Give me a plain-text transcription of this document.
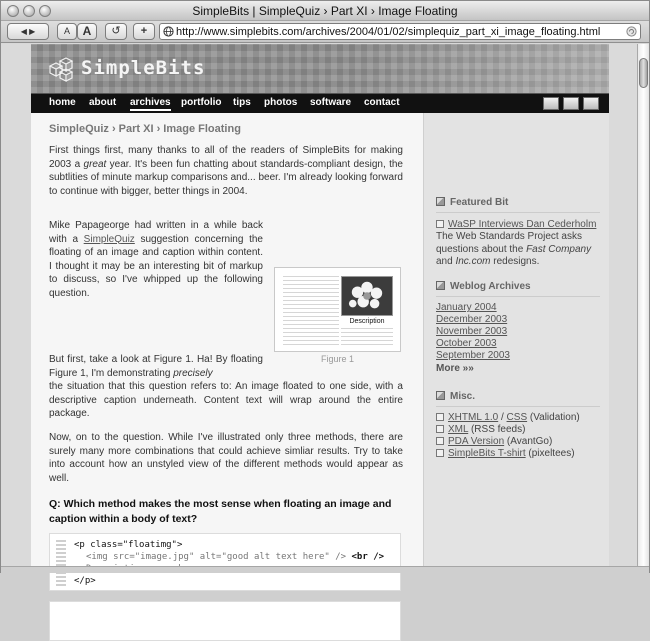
SimpleBits | SimpleQuiz › Part XI › Image Floating
◀ ▶	A	A	↺	+	http://www.simplebits.com/archives/2004/01/02/simplequiz_part_xi_image_floating.html
SimpleBits
home about archives portfolio tips photos software contact
SimpleQuiz › Part XI › Image Floating

First things first, many thanks to all of the readers of SimpleBits for making 2003 a great year. It's been fun chatting about standards-compliant design, the subtlities of minute markup comparisons and... beer. I'm already looking forward to continue with bigger, better things in 2004.

Mike Papageorge had written in a while back with a SimpleQuiz suggestion concerning the floating of an image and caption within content. I thought it may be an interesting bit of markup to discuss, so I've whipped up the following question.

Description
Figure 1

But first, take a look at Figure 1. Ha! By floating Figure 1, I'm demonstrating precisely

the situation that this question refers to: An image floated to one side, with a descriptive caption underneath. Content text will wrap around the entire package.

Now, on to the question. While I've illustrated only three methods, there are surely many more combinations that could achieve simliar results. Try to take into account how an unstyled view of the different methods would appear as well.

Q: Which method makes the most sense when floating an image and caption within a body of text?
<p class="floatimg">
<img src="image.jpg" alt="good alt text here" /> <br />
</p>
Featured Bit
WaSP Interviews Dan Cederholm

The Web Standards Project asks questions about the Fast Company and Inc.com redesigns.

Weblog Archives
January 2004
December 2003
November 2003
October 2003
September 2003
More »»
Misc.
XHTML 1.0 / CSS (Validation)
XML (RSS feeds)
PDA Version (AvantGo)
SimpleBits T-shirt (pixeltees)
